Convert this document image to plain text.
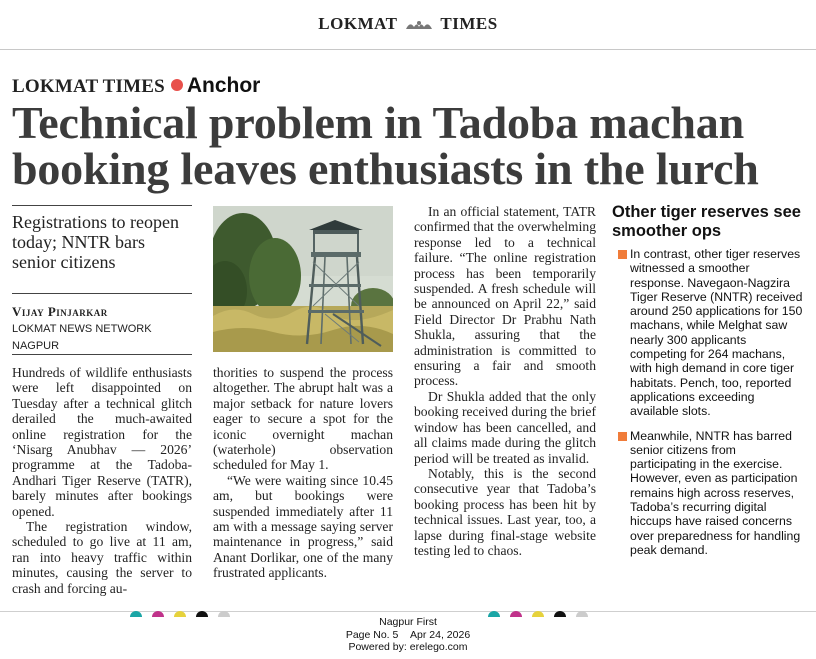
LOKMAT	TIMES
LOKMAT TIMES Anchor
Technical problem in Tadoba machan
booking leaves enthusiasts in the lurch
Registrations to reopen today; NNTR bars senior citizens
Vijay Pinjarkar
LOKMAT NEWS NETWORK
NAGPUR

Hundreds of wildlife enthusiasts were left disappointed on Tuesday after a technical glitch derailed the much-awaited online registration for the ‘Nisarg Anubhav — 2026’ programme at the Tadoba-Andhari Tiger Reserve (TATR), barely minutes after bookings opened.

The registration window, scheduled to go live at 11 am, ran into heavy traffic within minutes, causing the server to crash and forcing au-

thorities to suspend the process altogether. The abrupt halt was a major setback for nature lovers eager to secure a spot for the iconic overnight machan (waterhole) observation scheduled for May 1.

“We were waiting since 10.45 am, but bookings were suspended immediately after 11 am with a message saying server maintenance in progress,” said Anant Dorlikar, one of the many frustrated applicants.

In an official statement, TATR confirmed that the overwhelming response led to a technical failure. “The online registration process has been temporarily suspended. A fresh schedule will be announced on April 22,” said Field Director Dr Prabhu Nath Shukla, assuring that the administration is committed to ensuring a fair and smooth process.

Dr Shukla added that the only booking received during the brief window has been cancelled, and all claims made during the glitch period will be treated as invalid.

Notably, this is the second consecutive year that Tadoba’s booking process has been hit by technical issues. Last year, too, a lapse during final-stage website testing led to chaos.

Other tiger reserves see smoother ops
In contrast, other tiger reserves witnessed a smoother response. Navegaon-Nagzira Tiger Reserve (NNTR) received around 250 applications for 150 machans, while Melghat saw nearly 300 applicants competing for 264 machans, with high demand in core tiger habitats. Pench, too, reported applications exceeding available slots.
Meanwhile, NNTR has barred senior citizens from participating in the exercise. However, even as participation remains high across reserves, Tadoba’s recurring digital hiccups have raised concerns over preparedness for handling peak demand.
Nagpur First
Page No. 5 Apr 24, 2026
Powered by: erelego.com
